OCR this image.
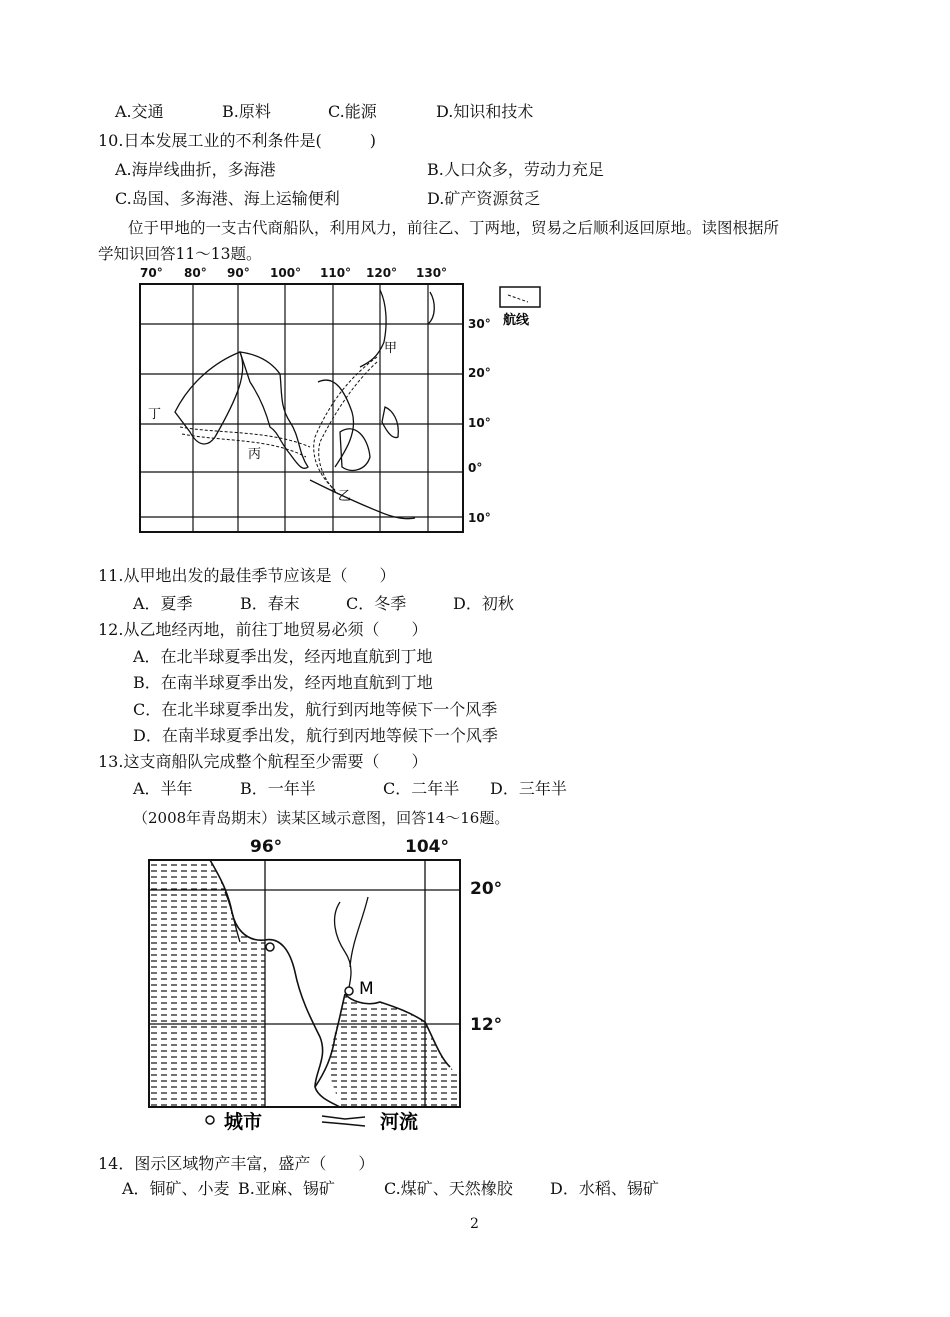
A.交通	B.原料	C.能源	D.知识和技术
10.日本发展工业的不利条件是(　　　)
A.海岸线曲折，多海港	B.人口众多，劳动力充足
C.岛国、多海港、海上运输便利	D.矿产资源贫乏
位于甲地的一支古代商船队，利用风力，前往乙、丁两地，贸易之后顺利返回原地。读图根据所
学知识回答11～13题。
70° 80° 90° 100° 110° 120° 130°
30°
20°
10°
0°
10°
航线
甲
乙
丙
丁
11.从甲地出发的最佳季节应该是（　　）
A．夏季	B．春末	C．冬季	D．初秋
12.从乙地经丙地，前往丁地贸易必须（　　）
A．在北半球夏季出发，经丙地直航到丁地
B．在南半球夏季出发，经丙地直航到丁地
C．在北半球夏季出发，航行到丙地等候下一个风季
D．在南半球夏季出发，航行到丙地等候下一个风季
13.这支商船队完成整个航程至少需要（　　）
A．半年	B．一年半	C．二年半 D．三年半
（2008年青岛期末）读某区域示意图，回答14～16题。
96°	104°
20°
12°
M
城市	河流
14．图示区域物产丰富，盛产（　　）
A．铜矿、小麦 B.亚麻、锡矿	C.煤矿、天然橡胶 D．水稻、锡矿
2
